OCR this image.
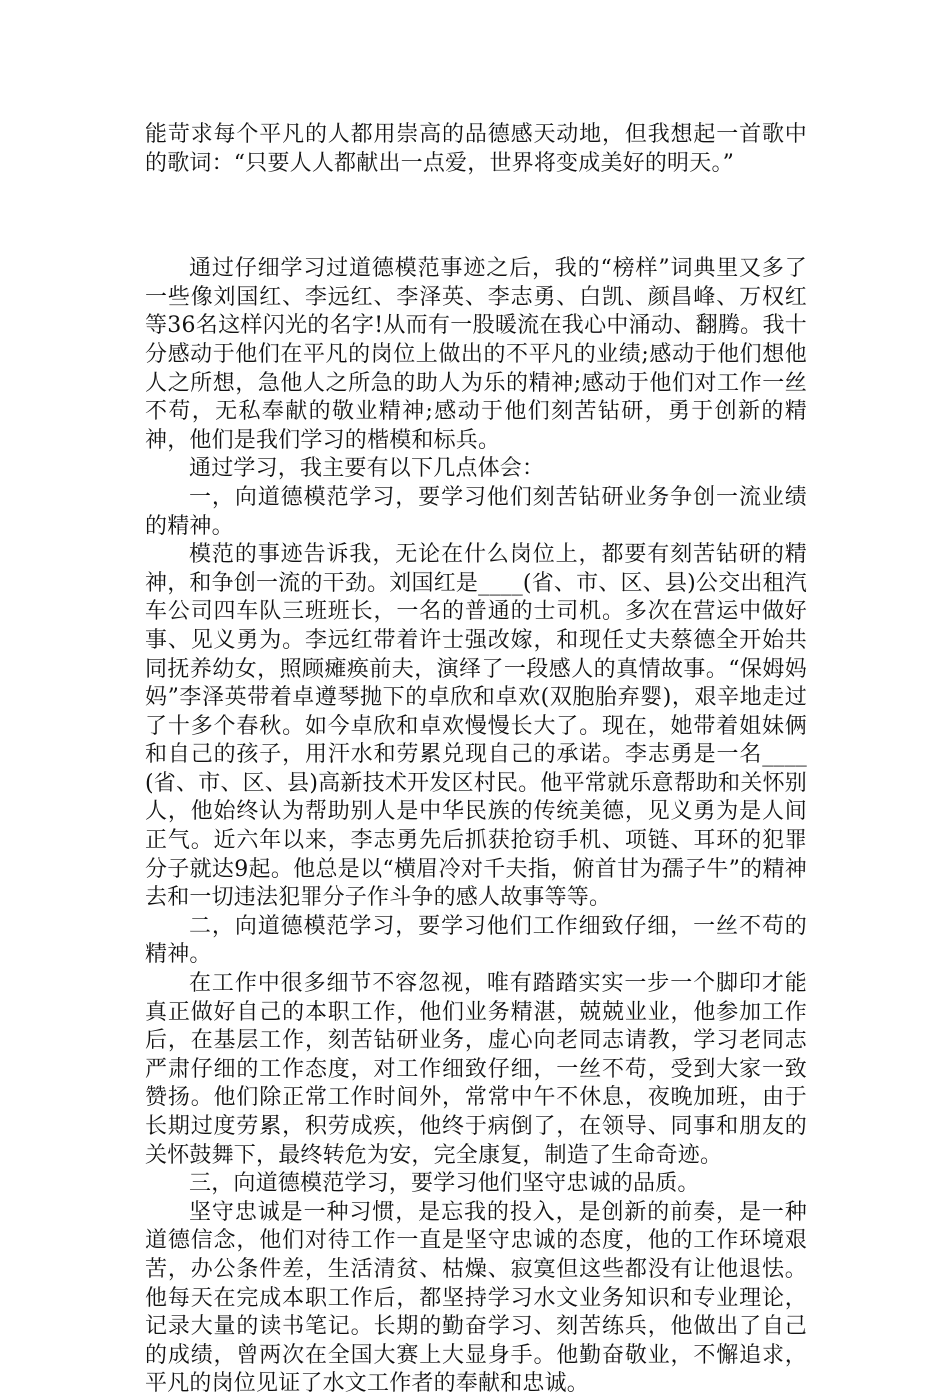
能苛求每个平凡的人都用崇高的品德感天动地，但我想起一首歌中的歌词：“只要人人都献出一点爱，世界将变成美好的明天。”

通过仔细学习过道德模范事迹之后，我的“榜样”词典里又多了一些像刘国红、李远红、李泽英、李志勇、白凯、颜昌峰、万权红等36名这样闪光的名字!从而有一股暖流在我心中涌动、翻腾。我十分感动于他们在平凡的岗位上做出的不平凡的业绩;感动于他们想他人之所想，急他人之所急的助人为乐的精神;感动于他们对工作一丝不苟，无私奉献的敬业精神;感动于他们刻苦钻研，勇于创新的精神，他们是我们学习的楷模和标兵。

通过学习，我主要有以下几点体会：

一，向道德模范学习，要学习他们刻苦钻研业务争创一流业绩的精神。

模范的事迹告诉我，无论在什么岗位上，都要有刻苦钻研的精神，和争创一流的干劲。刘国红是____(省、市、区、县)公交出租汽车公司四车队三班班长，一名的普通的士司机。多次在营运中做好事、见义勇为。李远红带着许士强改嫁，和现任丈夫蔡德全开始共同抚养幼女，照顾瘫痪前夫，演绎了一段感人的真情故事。“保姆妈妈”李泽英带着卓遵琴抛下的卓欣和卓欢(双胞胎弃婴)，艰辛地走过了十多个春秋。如今卓欣和卓欢慢慢长大了。现在，她带着姐妹俩和自己的孩子，用汗水和劳累兑现自己的承诺。李志勇是一名____(省、市、区、县)高新技术开发区村民。他平常就乐意帮助和关怀别人，他始终认为帮助别人是中华民族的传统美德，见义勇为是人间正气。近六年以来，李志勇先后抓获抢窃手机、项链、耳环的犯罪分子就达9起。他总是以“横眉冷对千夫指，俯首甘为孺子牛”的精神去和一切违法犯罪分子作斗争的感人故事等等。

二，向道德模范学习，要学习他们工作细致仔细，一丝不苟的精神。

在工作中很多细节不容忽视，唯有踏踏实实一步一个脚印才能真正做好自己的本职工作，他们业务精湛，兢兢业业，他参加工作后，在基层工作，刻苦钻研业务，虚心向老同志请教，学习老同志严肃仔细的工作态度，对工作细致仔细，一丝不苟，受到大家一致赞扬。他们除正常工作时间外，常常中午不休息，夜晚加班，由于长期过度劳累，积劳成疾，他终于病倒了，在领导、同事和朋友的关怀鼓舞下，最终转危为安，完全康复，制造了生命奇迹。

三，向道德模范学习，要学习他们坚守忠诚的品质。

坚守忠诚是一种习惯，是忘我的投入，是创新的前奏，是一种道德信念，他们对待工作一直是坚守忠诚的态度，他的工作环境艰苦，办公条件差，生活清贫、枯燥、寂寞但这些都没有让他退怯。他每天在完成本职工作后，都坚持学习水文业务知识和专业理论，记录大量的读书笔记。长期的勤奋学习、刻苦练兵，他做出了自己的成绩，曾两次在全国大赛上大显身手。他勤奋敬业，不懈追求，平凡的岗位见证了水文工作者的奉献和忠诚。
